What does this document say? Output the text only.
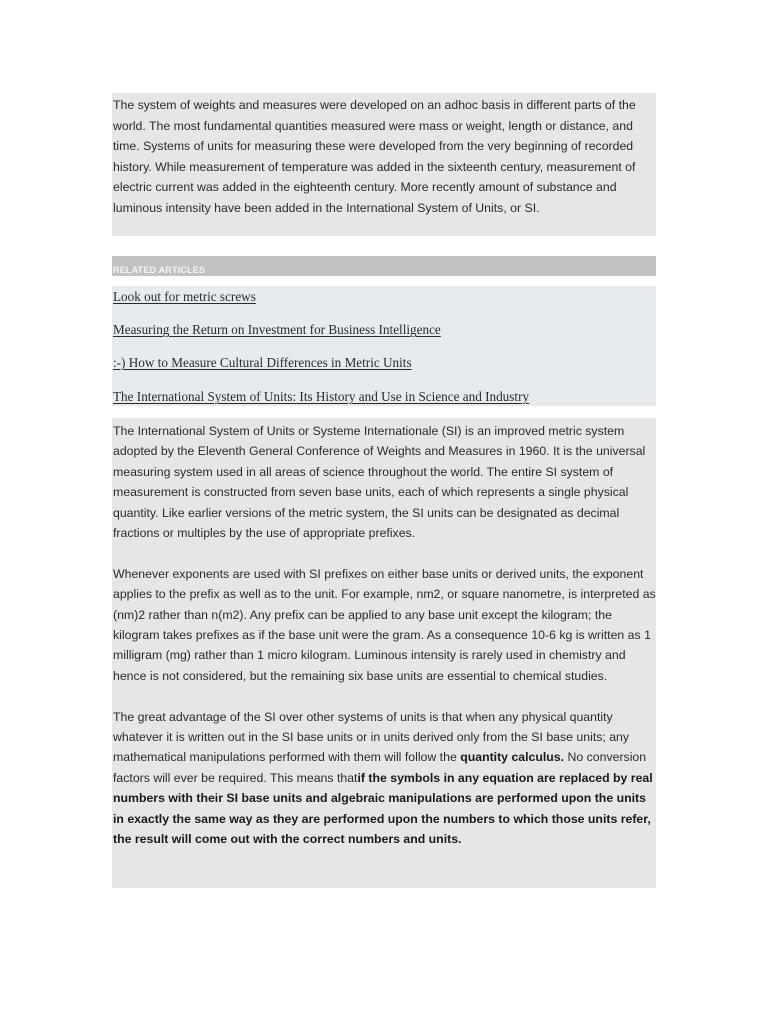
The system of weights and measures were developed on an adhoc basis in different parts of the world. The most fundamental quantities measured were mass or weight, length or distance, and time. Systems of units for measuring these were developed from the very beginning of recorded history. While measurement of temperature was added in the sixteenth century, measurement of electric current was added in the eighteenth century. More recently amount of substance and luminous intensity have been added in the International System of Units, or SI.
RELATED ARTICLES
Look out for metric screws
Measuring the Return on Investment for Business Intelligence
:-) How to Measure Cultural Differences in Metric Units
The International System of Units: Its History and Use in Science and Industry

The International System of Units or Systeme Internationale (SI) is an improved metric system adopted by the Eleventh General Conference of Weights and Measures in 1960. It is the universal measuring system used in all areas of science throughout the world. The entire SI system of measurement is constructed from seven base units, each of which represents a single physical quantity. Like earlier versions of the metric system, the SI units can be designated as decimal fractions or multiples by the use of appropriate prefixes.

Whenever exponents are used with SI prefixes on either base units or derived units, the exponent applies to the prefix as well as to the unit. For example, nm2, or square nanometre, is interpreted as (nm)2 rather than n(m2). Any prefix can be applied to any base unit except the kilogram; the kilogram takes prefixes as if the base unit were the gram. As a consequence 10-6 kg is written as 1 milligram (mg) rather than 1 micro kilogram. Luminous intensity is rarely used in chemistry and hence is not considered, but the remaining six base units are essential to chemical studies.

The great advantage of the SI over other systems of units is that when any physical quantity whatever it is written out in the SI base units or in units derived only from the SI base units; any mathematical manipulations performed with them will follow the quantity calculus. No conversion factors will ever be required. This means thatif the symbols in any equation are replaced by real numbers with their SI base units and algebraic manipulations are performed upon the units in exactly the same way as they are performed upon the numbers to which those units refer, the result will come out with the correct numbers and units.
